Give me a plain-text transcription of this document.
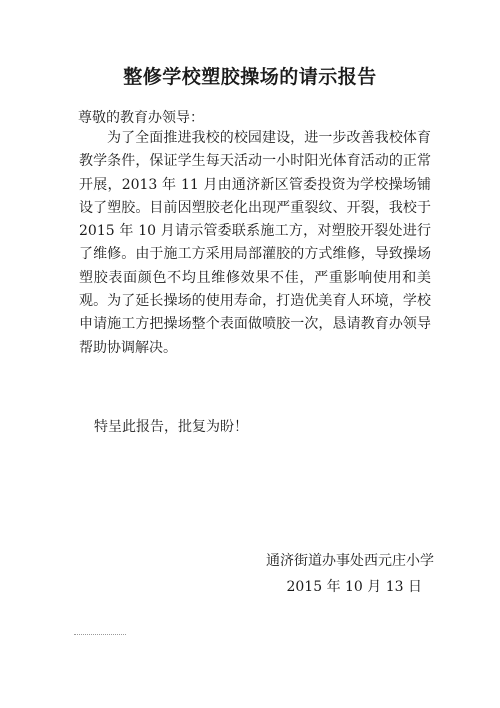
整修学校塑胶操场的请示报告
尊敬的教育办领导：
为了全面推进我校的校园建设，进一步改善我校体育教学条件，保证学生每天活动一小时阳光体育活动的正常开展，2013 年 11 月由通济新区管委投资为学校操场铺设了塑胶。目前因塑胶老化出现严重裂纹、开裂，我校于 2015 年 10 月请示管委联系施工方，对塑胶开裂处进行了维修。由于施工方采用局部灌胶的方式维修，导致操场塑胶表面颜色不均且维修效果不佳，严重影响使用和美观。为了延长操场的使用寿命，打造优美育人环境，学校申请施工方把操场整个表面做喷胶一次，恳请教育办领导帮助协调解决。
特呈此报告，批复为盼！
通济街道办事处西元庄小学
2015 年 10 月 13 日
